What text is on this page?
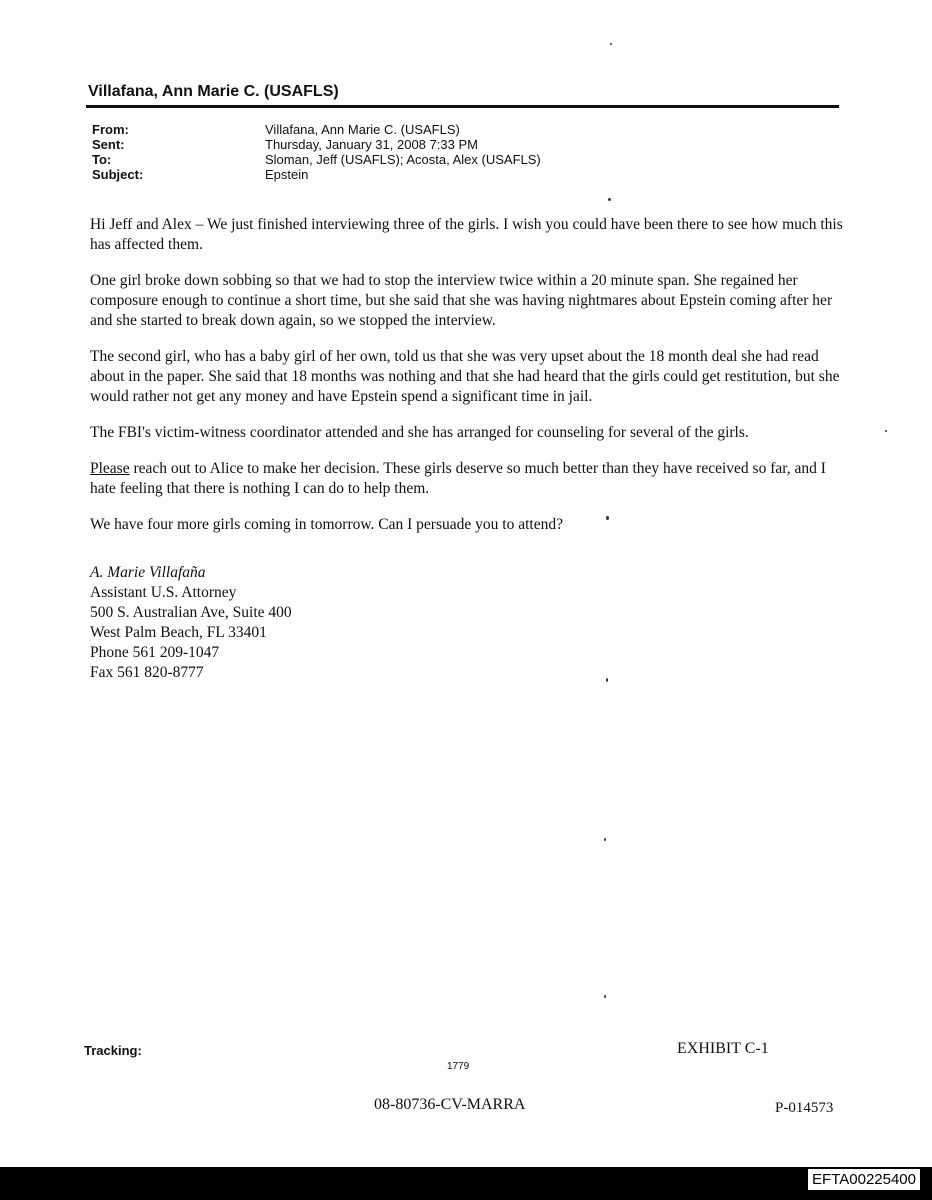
Villafana, Ann Marie C. (USAFLS)
From:	Villafana, Ann Marie C. (USAFLS)
Sent:	Thursday, January 31, 2008 7:33 PM
To:	Sloman, Jeff (USAFLS); Acosta, Alex (USAFLS)
Subject:	Epstein

Hi Jeff and Alex – We just finished interviewing three of the girls. I wish you could have been there to see how much this has affected them.

One girl broke down sobbing so that we had to stop the interview twice within a 20 minute span. She regained her composure enough to continue a short time, but she said that she was having nightmares about Epstein coming after her and she started to break down again, so we stopped the interview.

The second girl, who has a baby girl of her own, told us that she was very upset about the 18 month deal she had read about in the paper. She said that 18 months was nothing and that she had heard that the girls could get restitution, but she would rather not get any money and have Epstein spend a significant time in jail.

The FBI's victim-witness coordinator attended and she has arranged for counseling for several of the girls.

Please reach out to Alice to make her decision. These girls deserve so much better than they have received so far, and I hate feeling that there is nothing I can do to help them.

We have four more girls coming in tomorrow. Can I persuade you to attend?

A. Marie Villafaña
Assistant U.S. Attorney
500 S. Australian Ave, Suite 400
West Palm Beach, FL 33401
Phone 561 209-1047
Fax 561 820-8777
Tracking:	EXHIBIT C-1
1779
08-80736-CV-MARRA	P-014573
EFTA00225400
